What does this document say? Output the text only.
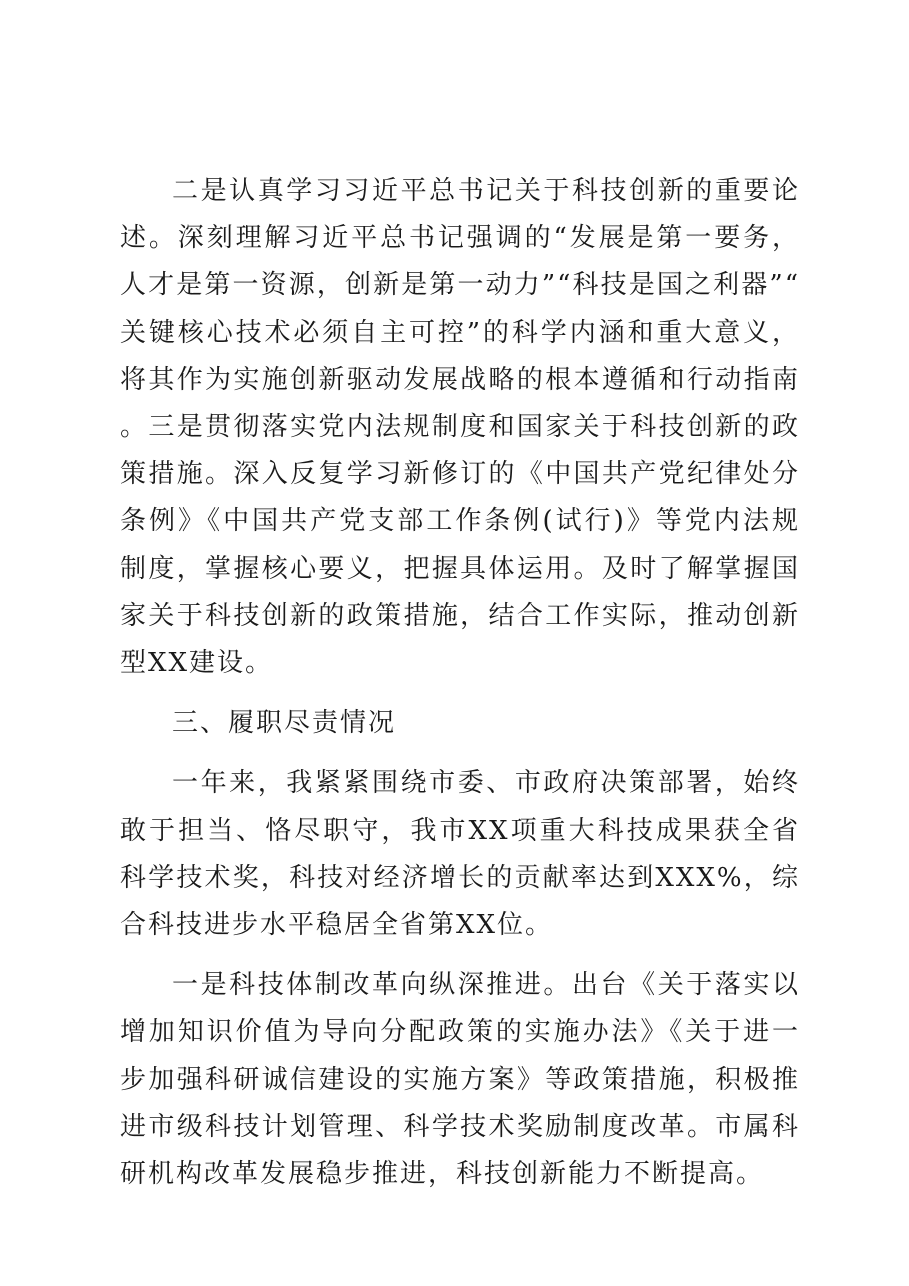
二是认真学习习近平总书记关于科技创新的重要论述。深刻理解习近平总书记强调的“发展是第一要务，人才是第一资源，创新是第一动力”“科技是国之利器”“关键核心技术必须自主可控”的科学内涵和重大意义，将其作为实施创新驱动发展战略的根本遵循和行动指南。三是贯彻落实党内法规制度和国家关于科技创新的政策措施。深入反复学习新修订的《中国共产党纪律处分条例》《中国共产党支部工作条例(试行)》等党内法规制度，掌握核心要义，把握具体运用。及时了解掌握国家关于科技创新的政策措施，结合工作实际，推动创新型XX建设。

三、履职尽责情况

一年来，我紧紧围绕市委、市政府决策部署，始终敢于担当、恪尽职守，我市XX项重大科技成果获全省科学技术奖，科技对经济增长的贡献率达到XXX%，综合科技进步水平稳居全省第XX位。

一是科技体制改革向纵深推进。出台《关于落实以增加知识价值为导向分配政策的实施办法》《关于进一步加强科研诚信建设的实施方案》等政策措施，积极推进市级科技计划管理、科学技术奖励制度改革。市属科研机构改革发展稳步推进，科技创新能力不断提高。
